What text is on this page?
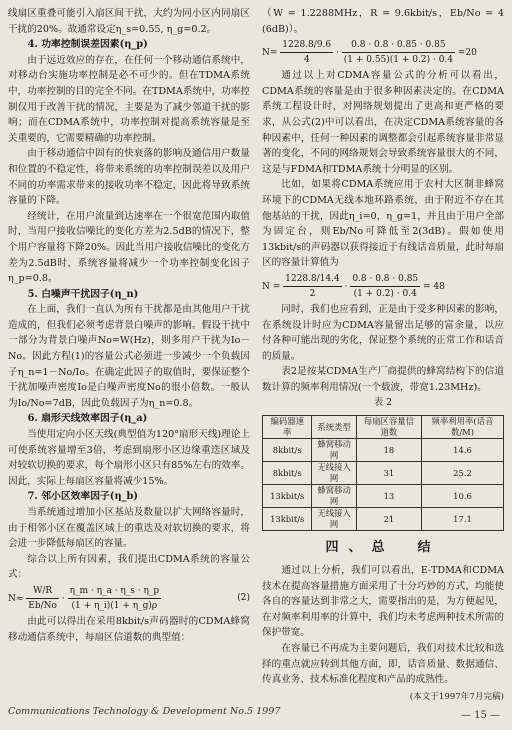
线扇区重叠可能引入扇区间干扰，大约为同小区内同扇区干扰的20%。故通常设定η_s=0.55, η_g=0.2。

4. 功率控制误差因素(η_p)

由于远近效应的存在，在任何一个移动通信系统中，对移动台实施功率控制是必不可少的。但在TDMA系统中，功率控制的目的完全不同。在TDMA系统中，功率控制仅用于改善干扰的情况，主要是为了减少邻道干扰的影响；而在CDMA系统中，功率控制对提高系统容量是至关重要的，它需要精确的功率控制。

由于移动通信中固有的快衰落的影响及通信用户数量和位置的不稳定性，将带来系统的功率控制误差以及用户不同的功率需求带来的接收功率不稳定，因此将导致系统容量的下降。

经统计，在用户流量到达速率在一个很宽范围内取值时，当用户接收信噪比的变化方差为2.5dB的情况下，整个用户容量将下降20%。因此当用户接收信噪比的变化方差为2.5dB时，系统容量将减少一个功率控制变化因子η_p=0.8。

5. 白噪声干扰因子(η_n)

在上面，我们一直认为所有干扰都是由其他用户干扰造成的，但我们必须考虑背景白噪声的影响。假设干扰中一部分为背景白噪声No=W(Hz)，则多用户干扰为Io－No。因此方程(1)的容量公式必须进一步减少一个负载因子η_n=1－No/Io。在确定此因子的取值时，要保证整个干扰加噪声密度Io是白噪声密度No的很小倍数。一般认为Io/No=7dB，因此负载因子为η_n=0.8。

6. 扇形天线效率因子(η_a)

当使用定向小区天线(典型值为120°扇形天线)理论上可使系统容量增至3倍，考虑到扇形小区边缘重迭区域及对较软切换的要求，每个扇形小区只有85%左右的效率。因此，实际上每扇区容量将减少15%。

7. 邻小区效率因子(η_b)

当系统通过增加小区基站及数量以扩大网络容量时，由于相邻小区在覆盖区域上的重迭及对软切换的要求，将会进一步降低每扇区的容量。

综合以上所有因素，我们提出CDMA系统的容量公式：

$N\approx \frac{W/R}{Eb/No} \cdot \frac{\eta\_m \cdot \eta\_a \cdot \eta\_s \cdot \eta\_p}{(1 + \eta\_i)(1 + \eta\_g)\rho}$	(2)

由此可以得出在采用8kbit/s声码器时的CDMA蜂窝移动通信系统中，每扇区信道数的典型值：

（W = 1.2288MHz，R = 9.6kbit/s，Eb/No = 4 (6dB)）。

$N= \frac{1228.8/9.6}{4} \cdot \frac{0.8 \cdot 0.8 \cdot 0.85 \cdot 0.85}{(1 + 0.55)(1 + 0.2) \cdot 0.4} =20$

通过以上对CDMA容量公式的分析可以看出，CDMA系统的容量是由于很多种因素决定的。在CDMA系统工程设计时，对网络规划提出了更高和更严格的要求，从公式(2)中可以看出，在决定CDMA系统容量的各种因素中，任何一种因素的调整都会引起系统容量非常显著的变化，不同的网络规划会导致系统容量很大的不同，这是与FDMA和TDMA系统十分明显的区别。

比如，如果将CDMA系统应用于农村大区制非蜂窝环境下的CDMA无线本地环路系统，由于附近不存在其他基站的干扰，因此η_i=0，η_g=1，并且由于用户全部为固定台，则Eb/No可降低至2(3dB)。假如使用13kbit/s的声码器以获得接近于有线话音质量，此时每扇区的容量计算值为

$N = \frac{1228.8/14.4}{2} \cdot \frac{0.8 \cdot 0.8 \cdot 0.85}{(1 + 0.2) \cdot 0.4} = 48$

同时，我们也应看到，正是由于受多种因素的影响，在系统设计时应为CDMA容量留出足够的富余量，以应付各种可能出现的劣化，保证整个系统的正常工作和话音的质量。

表2是按某CDMA生产厂商提供的蜂窝结构下的信道数计算的频率利用情况(一个载波，带宽1.23MHz)。

表 2
编码器速率	系统类型	每扇区容量信道数	频率利用率(话音数/M)
8kbit/s	蜂窝移动网	18	14.6
8kbit/s	无线接入网	31	25.2
13kbit/s	蜂窝移动网	13	10.6
13kbit/s	无线接入网	21	17.1
四、总　结

通过以上分析，我们可以看出，E-TDMA和CDMA技术在提高容量措施方面采用了十分巧妙的方式，均能使各自的容量达到非常之大，需要指出的是，为方便起见，在对频率利用率的计算中，我们均未考虑两种技术所需的保护带宽。

在容量已不再成为主要问题后，我们对技术比较和选择的重点就应转到其他方面，即，话音质量、数据通信、传真业务、技术标准化程度和产品的成熟性。

(本文于1997年7月完稿)
Communications Technology & Development No.5 1997	— 15 —
